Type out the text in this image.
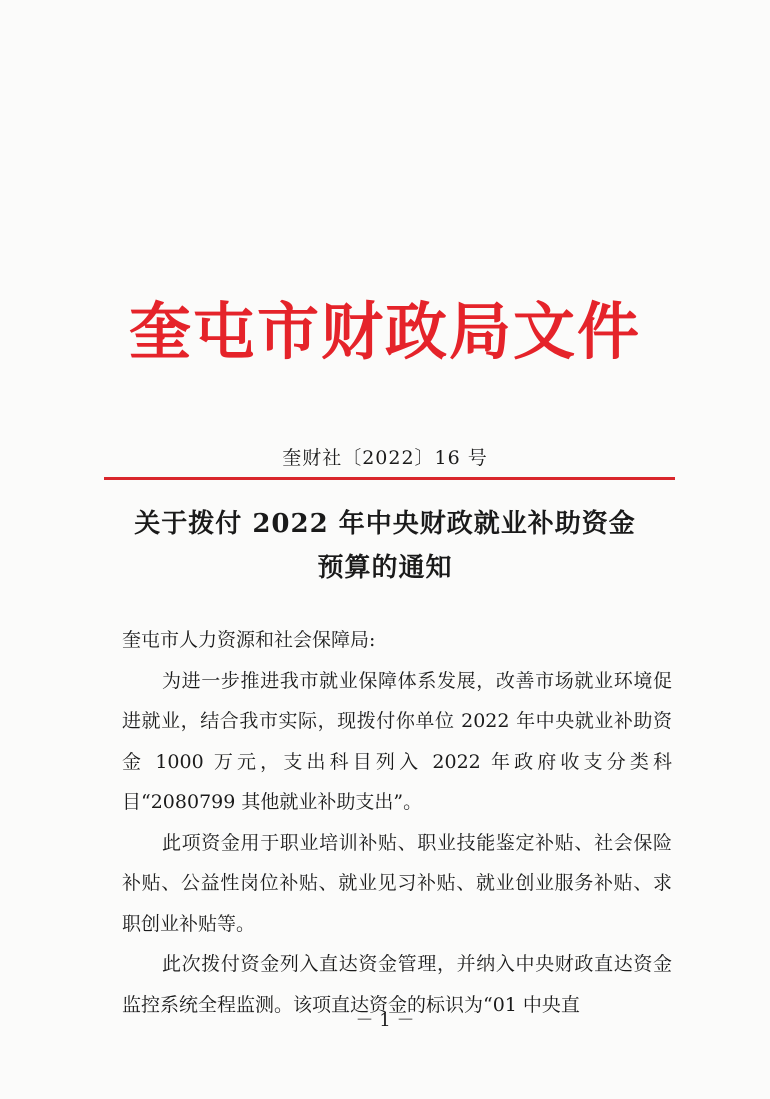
奎屯市财政局文件
奎财社〔2022〕16 号
关于拨付 2022 年中央财政就业补助资金
预算的通知

奎屯市人力资源和社会保障局:

为进一步推进我市就业保障体系发展，改善市场就业环境促进就业，结合我市实际，现拨付你单位 2022 年中央就业补助资金 1000 万元，支出科目列入 2022 年政府收支分类科目“2080799 其他就业补助支出”。

此项资金用于职业培训补贴、职业技能鉴定补贴、社会保险补贴、公益性岗位补贴、就业见习补贴、就业创业服务补贴、求职创业补贴等。

此次拨付资金列入直达资金管理，并纳入中央财政直达资金监控系统全程监测。该项直达资金的标识为“01 中央直

－ 1 －
